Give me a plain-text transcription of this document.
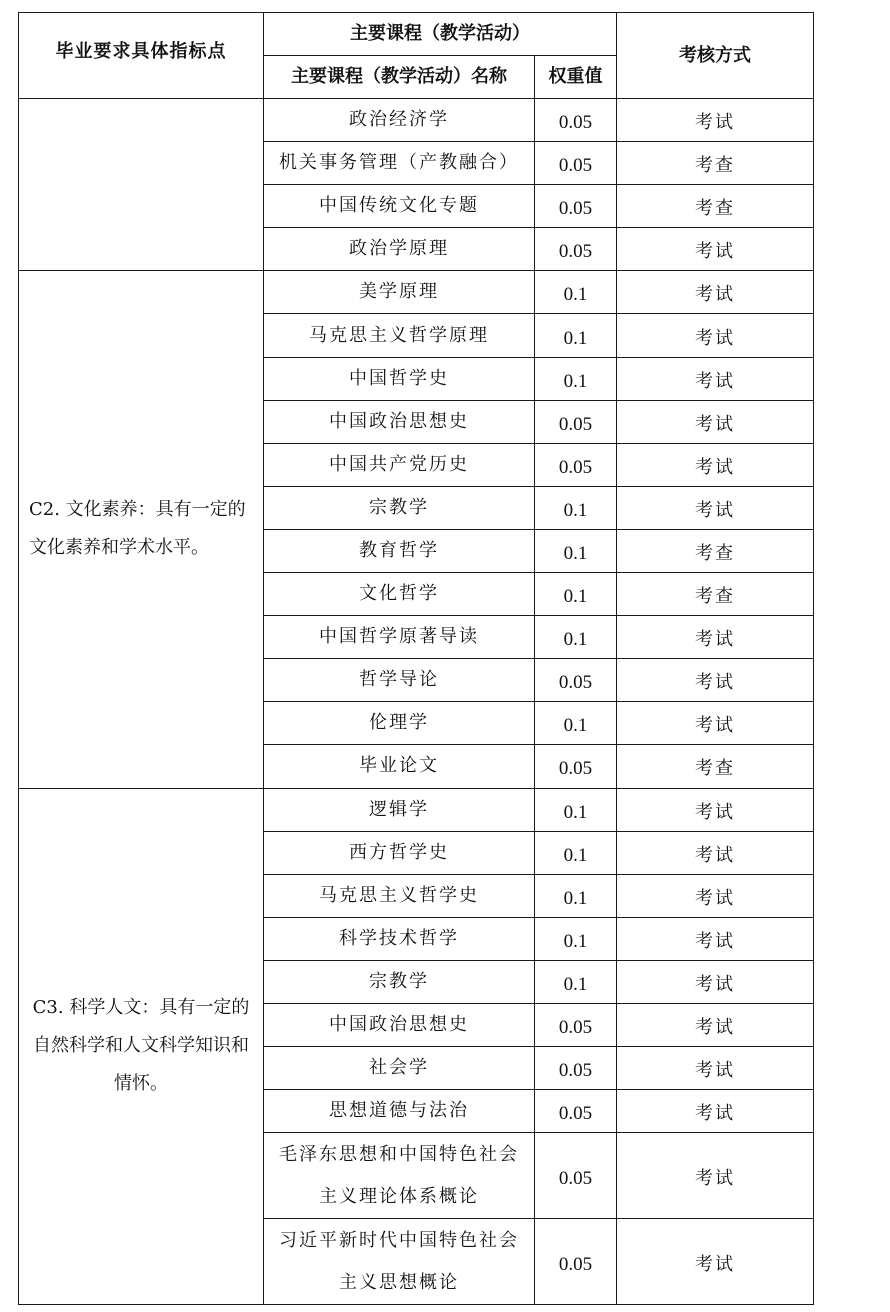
毕业要求具体指标点	主要课程（教学活动）		考核方式
	主要课程（教学活动）名称	权重值	
	政治经济学	0.05	考试
	机关事务管理（产教融合）	0.05	考查
	中国传统文化专题	0.05	考查
	政治学原理	0.05	考试
C2. 文化素养：具有一定的文化素养和学术水平。	美学原理	0.1	考试
	马克思主义哲学原理	0.1	考试
	中国哲学史	0.1	考试
	中国政治思想史	0.05	考试
	中国共产党历史	0.05	考试
	宗教学	0.1	考试
	教育哲学	0.1	考查
	文化哲学	0.1	考查
	中国哲学原著导读	0.1	考试
	哲学导论	0.05	考试
	伦理学	0.1	考试
	毕业论文	0.05	考查
C3. 科学人文：具有一定的自然科学和人文科学知识和情怀。	逻辑学	0.1	考试
	西方哲学史	0.1	考试
	马克思主义哲学史	0.1	考试
	科学技术哲学	0.1	考试
	宗教学	0.1	考试
	中国政治思想史	0.05	考试
	社会学	0.05	考试
	思想道德与法治	0.05	考试
	毛泽东思想和中国特色社会主义理论体系概论	0.05	考试
	习近平新时代中国特色社会主义思想概论	0.05	考试
